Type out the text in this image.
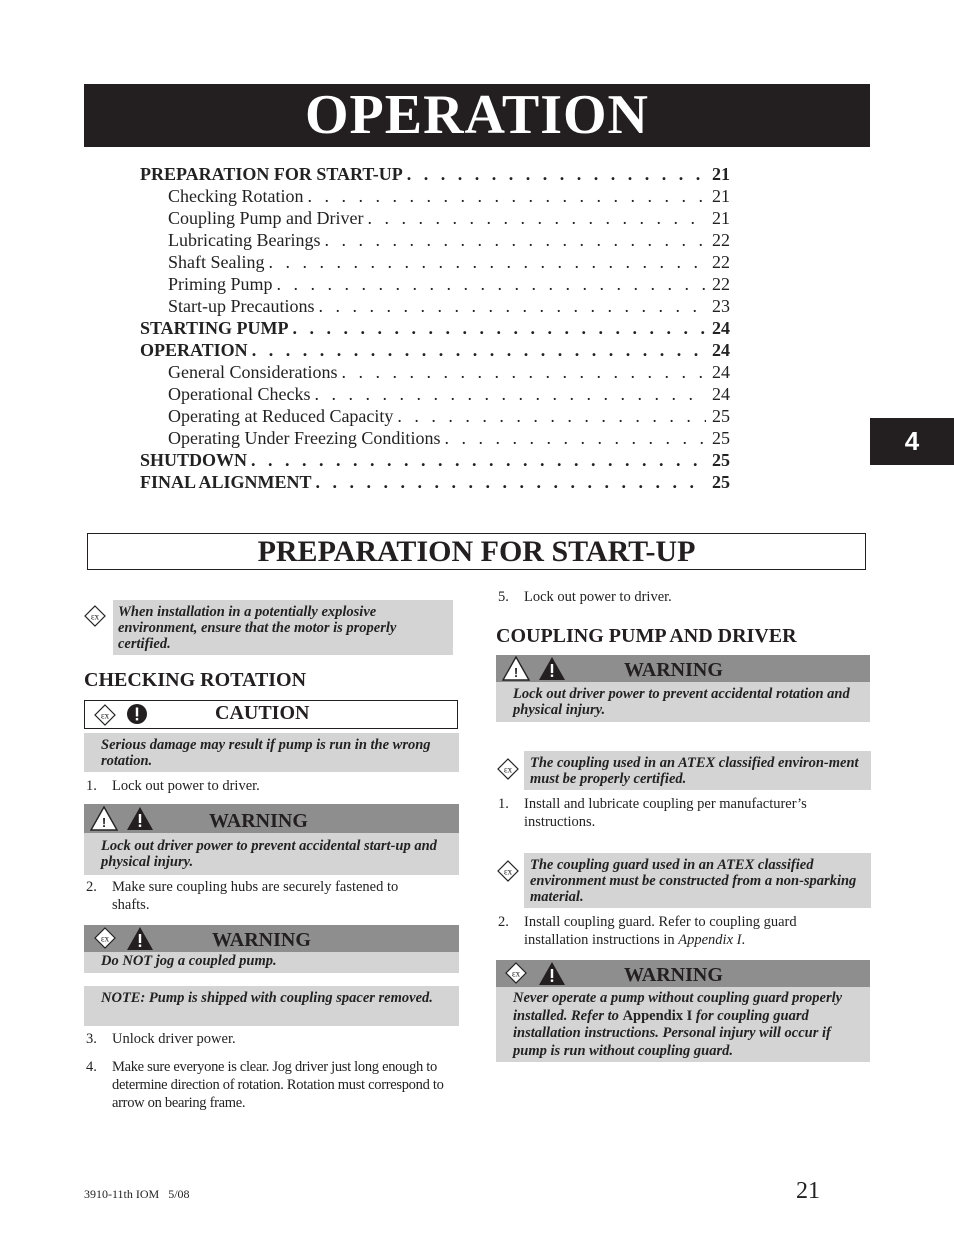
OPERATION
PREPARATION FOR START-UP . . .	21
Checking Rotation . . .	21
Coupling Pump and Driver . . .	21
Lubricating Bearings . . .	22
Shaft Sealing . . .	22
Priming Pump . . .	22
Start-up Precautions . . .	23
STARTING PUMP . . .	24
OPERATION . . .	24
General Considerations . . .	24
Operational Checks . . .	24
Operating at Reduced Capacity . . .	25
Operating Under Freezing Conditions . . .	25
SHUTDOWN . . .	25
FINAL ALIGNMENT . . .	25
4
PREPARATION FOR START-UP
εx	When installation in a potentially explosive environment, ensure that the motor is properly certified.
CHECKING ROTATION
εx	CAUTION
Serious damage may result if pump is run in the wrong rotation.
1. Lock out power to driver.
!	WARNING
Lock out driver power to prevent accidental start-up and physical injury.
2. Make sure coupling hubs are securely fastened to shafts.
εx	WARNING
Do NOT jog a coupled pump.
NOTE: Pump is shipped with coupling spacer removed.
3. Unlock driver power.
4. Make sure everyone is clear. Jog driver just long enough to determine direction of rotation. Rotation must correspond to arrow on bearing frame.
5. Lock out power to driver.
COUPLING PUMP AND DRIVER
!	WARNING
Lock out driver power to prevent accidental rotation and physical injury.
εx	The coupling used in an ATEX classified environ-ment must be properly certified.
1. Install and lubricate coupling per manufacturer’s instructions.
εx	The coupling guard used in an ATEX classified environment must be constructed from a non-sparking material.
2. Install coupling guard. Refer to coupling guard installation instructions in Appendix I.
εx	WARNING
Never operate a pump without coupling guard properly installed. Refer to Appendix I for coupling guard installation instructions. Personal injury will occur if pump is run without coupling guard.
3910-11th IOM   5/08	21
